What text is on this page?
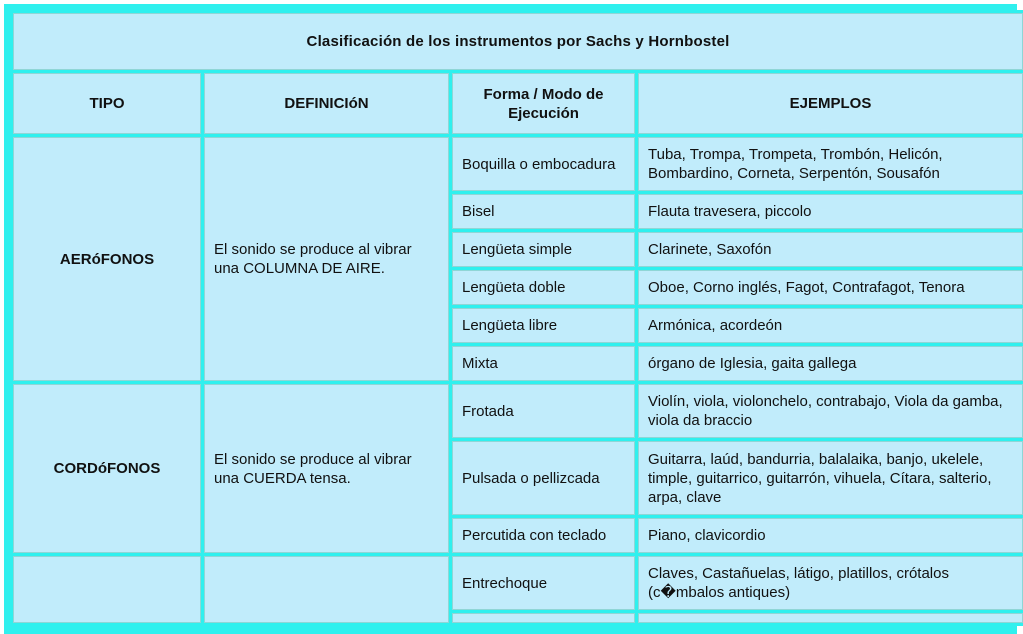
Clasificación de los instrumentos por Sachs y Hornbostel			
TIPO	DEFINICIóN	Forma / Modo de Ejecución	EJEMPLOS
AERóFONOS	El sonido se produce al vibrar una COLUMNA DE AIRE.	Boquilla o embocadura	Tuba, Trompa, Trompeta, Trombón, Helicón, Bombardino, Corneta, Serpentón, Sousafón
		Bisel	Flauta travesera, piccolo
		Lengüeta simple	Clarinete, Saxofón
		Lengüeta doble	Oboe, Corno inglés, Fagot, Contrafagot, Tenora
		Lengüeta libre	Armónica, acordeón
		Mixta	órgano de Iglesia, gaita gallega
CORDóFONOS	El sonido se produce al vibrar una CUERDA tensa.	Frotada	Violín, viola, violonchelo, contrabajo, Viola da gamba, viola da braccio
		Pulsada o pellizcada	Guitarra, laúd, bandurria, balalaika, banjo, ukelele, timple, guitarrico, guitarrón, vihuela, Cítara, salterio, arpa, clave
		Percutida con teclado	Piano, clavicordio
		Entrechoque	Claves, Castañuelas, látigo, platillos, crótalos (c�mbalos antiques)
